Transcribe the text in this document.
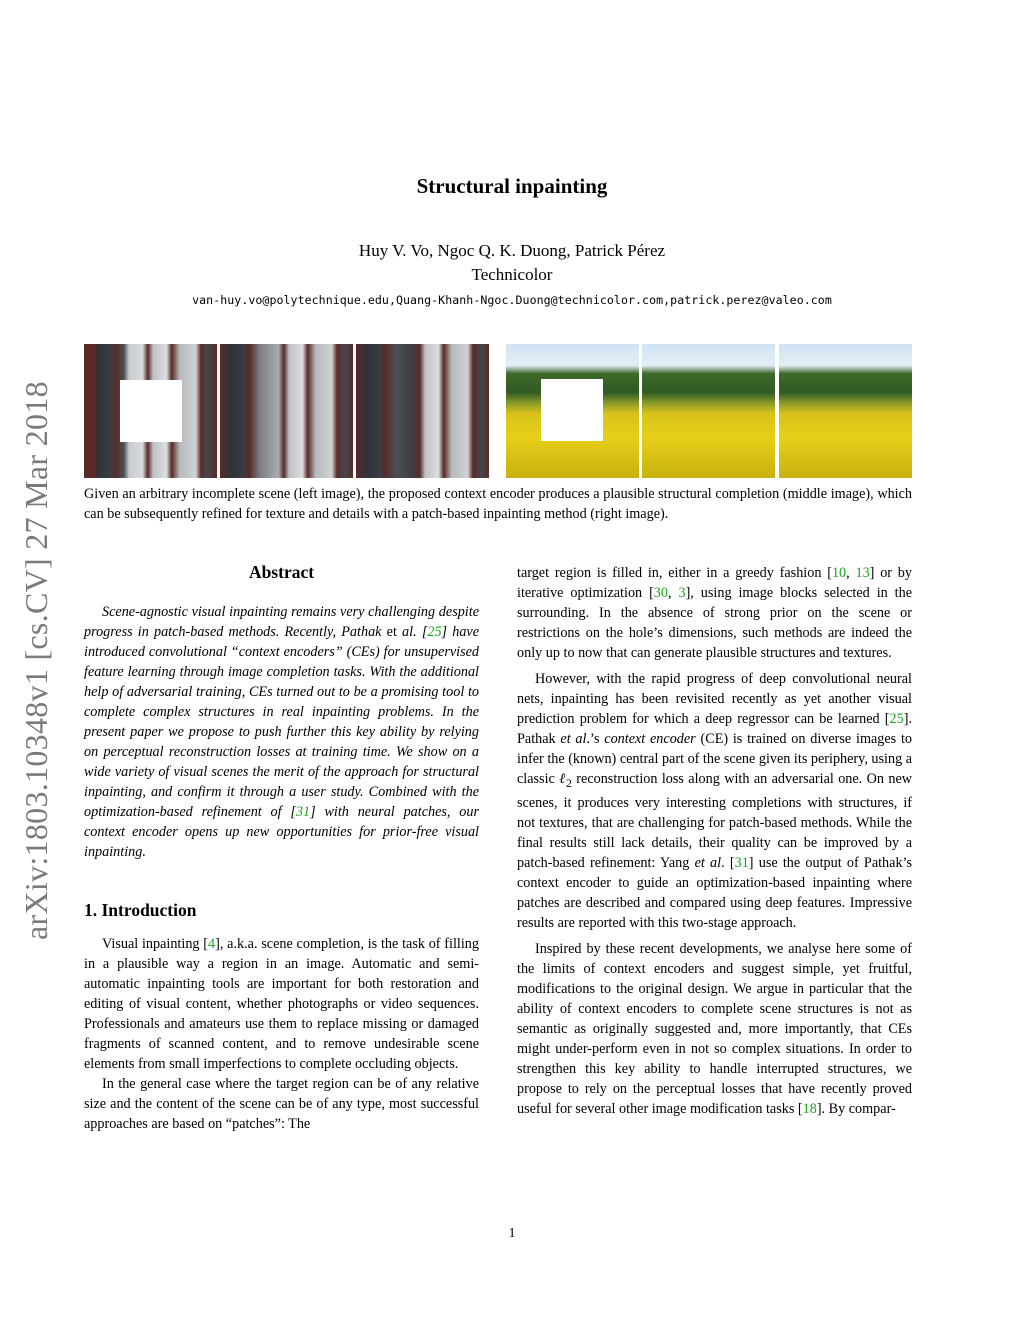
arXiv:1803.10348v1 [cs.CV] 27 Mar 2018
Structural inpainting
Huy V. Vo, Ngoc Q. K. Duong, Patrick Pérez
Technicolor
van-huy.vo@polytechnique.edu,Quang-Khanh-Ngoc.Duong@technicolor.com,patrick.perez@valeo.com
Given an arbitrary incomplete scene (left image), the proposed context encoder produces a plausible structural completion (middle image), which can be subsequently refined for texture and details with a patch-based inpainting method (right image).
Abstract

Scene-agnostic visual inpainting remains very challenging despite progress in patch-based methods. Recently, Pathak et al. [25] have introduced convolutional “context encoders” (CEs) for unsupervised feature learning through image completion tasks. With the additional help of adversarial training, CEs turned out to be a promising tool to complete complex structures in real inpainting problems. In the present paper we propose to push further this key ability by relying on perceptual reconstruction losses at training time. We show on a wide variety of visual scenes the merit of the approach for structural inpainting, and confirm it through a user study. Combined with the optimization-based refinement of [31] with neural patches, our context encoder opens up new opportunities for prior-free visual inpainting.

1. Introduction

Visual inpainting [4], a.k.a. scene completion, is the task of filling in a plausible way a region in an image. Automatic and semi-automatic inpainting tools are important for both restoration and editing of visual content, whether photographs or video sequences. Professionals and amateurs use them to replace missing or damaged fragments of scanned content, and to remove undesirable scene elements from small imperfections to complete occluding objects.

In the general case where the target region can be of any relative size and the content of the scene can be of any type, most successful approaches are based on “patches”: The

target region is filled in, either in a greedy fashion [10, 13] or by iterative optimization [30, 3], using image blocks selected in the surrounding. In the absence of strong prior on the scene or restrictions on the hole’s dimensions, such methods are indeed the only up to now that can generate plausible structures and textures.

However, with the rapid progress of deep convolutional neural nets, inpainting has been revisited recently as yet another visual prediction problem for which a deep regressor can be learned [25]. Pathak et al.’s context encoder (CE) is trained on diverse images to infer the (known) central part of the scene given its periphery, using a classic ℓ$_2$ reconstruction loss along with an adversarial one. On new scenes, it produces very interesting completions with structures, if not textures, that are challenging for patch-based methods. While the final results still lack details, their quality can be improved by a patch-based refinement: Yang et al. [31] use the output of Pathak’s context encoder to guide an optimization-based inpainting where patches are described and compared using deep features. Impressive results are reported with this two-stage approach.

Inspired by these recent developments, we analyse here some of the limits of context encoders and suggest simple, yet fruitful, modifications to the original design. We argue in particular that the ability of context encoders to complete scene structures is not as semantic as originally suggested and, more importantly, that CEs might under-perform even in not so complex situations. In order to strengthen this key ability to handle interrupted structures, we propose to rely on the perceptual losses that have recently proved useful for several other image modification tasks [18]. By compar-

1
